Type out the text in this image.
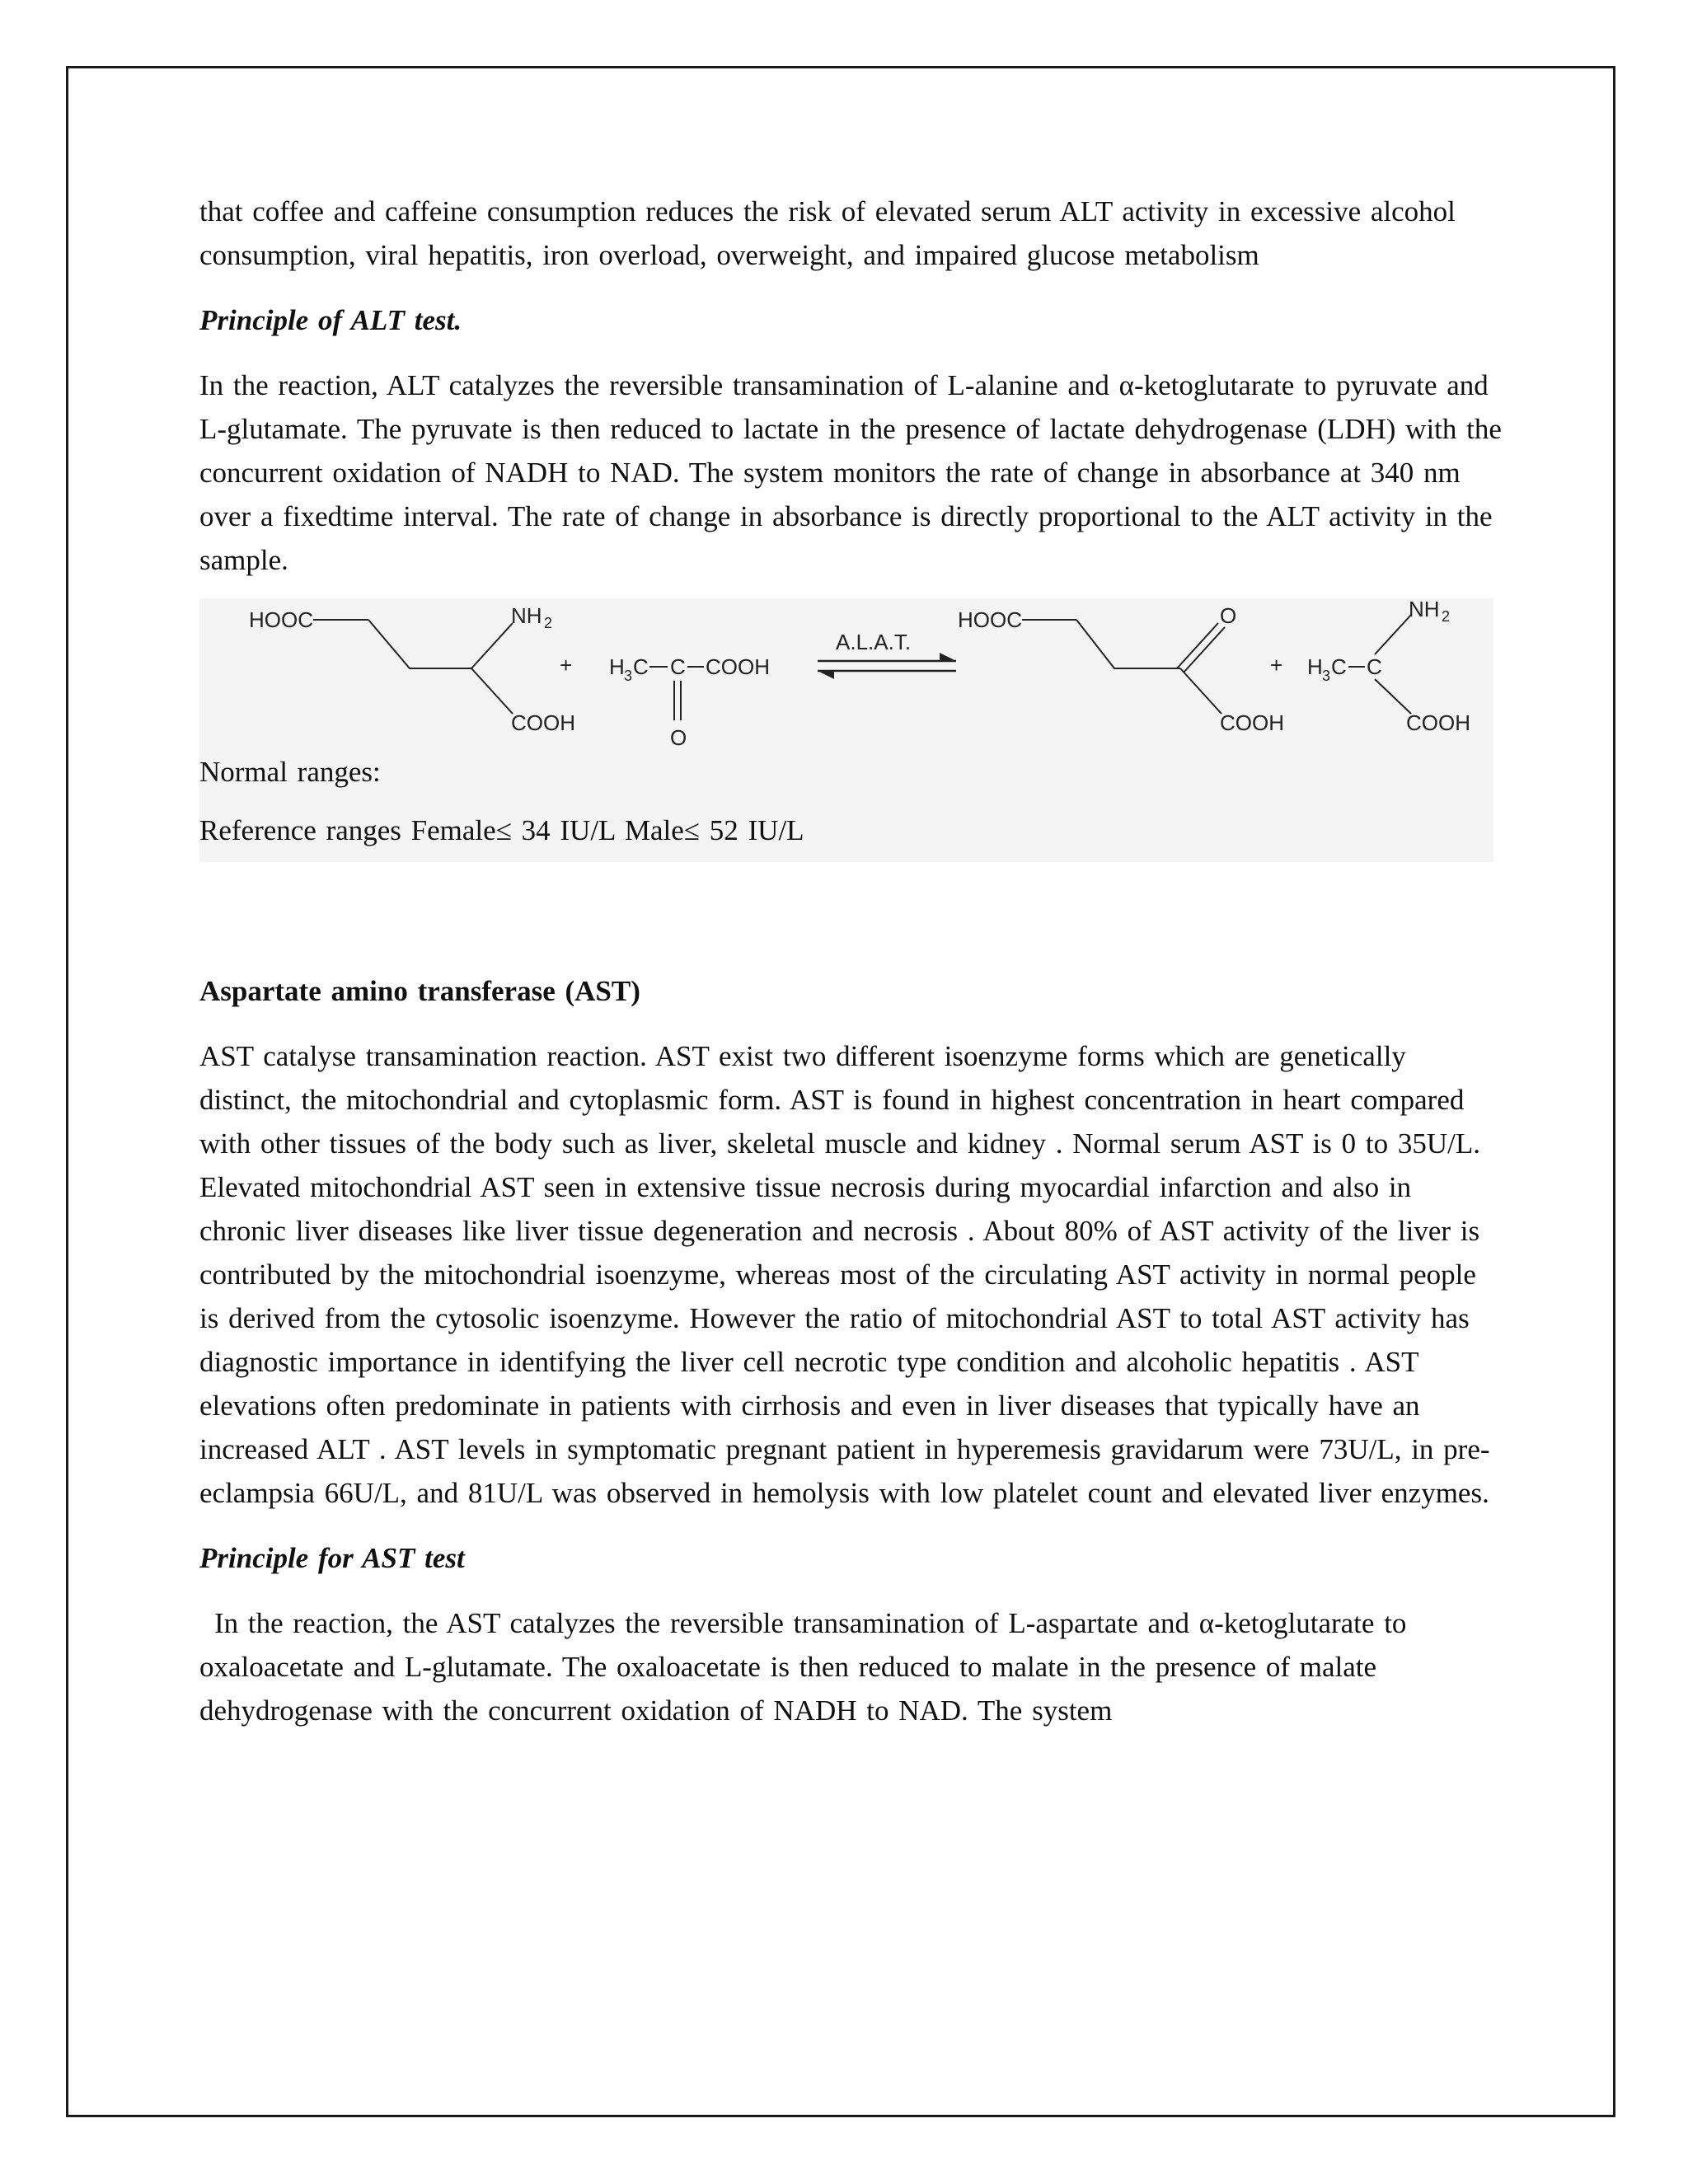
that coffee and caffeine consumption reduces the risk of elevated serum ALT activity in excessive alcohol consumption, viral hepatitis, iron overload, overweight, and impaired glucose metabolism

Principle of ALT test.

In the reaction, ALT catalyzes the reversible transamination of L-alanine and α-ketoglutarate to pyruvate and L-glutamate. The pyruvate is then reduced to lactate in the presence of lactate dehydrogenase (LDH) with the concurrent oxidation of NADH to NAD. The system monitors the rate of change in absorbance at 340 nm over a fixedtime interval. The rate of change in absorbance is directly proportional to the ALT activity in the sample.

HOOC	NH 2
COOH
+ H 3 C C COOH
O
A.L.A.T.
HOOC	O
COOH
+ H 3 C C
NH 2
COOH

Normal ranges:

Reference ranges Female≤ 34 IU/L Male≤ 52 IU/L

Aspartate amino transferase (AST)

AST catalyse transamination reaction. AST exist two different isoenzyme forms which are genetically distinct, the mitochondrial and cytoplasmic form. AST is found in highest concentration in heart compared with other tissues of the body such as liver, skeletal muscle and kidney . Normal serum AST is 0 to 35U/L. Elevated mitochondrial AST seen in extensive tissue necrosis during myocardial infarction and also in chronic liver diseases like liver tissue degeneration and necrosis . About 80% of AST activity of the liver is contributed by the mitochondrial isoenzyme, whereas most of the circulating AST activity in normal people is derived from the cytosolic isoenzyme. However the ratio of mitochondrial AST to total AST activity has diagnostic importance in identifying the liver cell necrotic type condition and alcoholic hepatitis . AST elevations often predominate in patients with cirrhosis and even in liver diseases that typically have an increased ALT . AST levels in symptomatic pregnant patient in hyperemesis gravidarum were 73U/L, in pre-eclampsia 66U/L, and 81U/L was observed in hemolysis with low platelet count and elevated liver enzymes.

Principle for AST test

In the reaction, the AST catalyzes the reversible transamination of L-aspartate and α-ketoglutarate to oxaloacetate and L-glutamate. The oxaloacetate is then reduced to malate in the presence of malate dehydrogenase with the concurrent oxidation of NADH to NAD. The system
